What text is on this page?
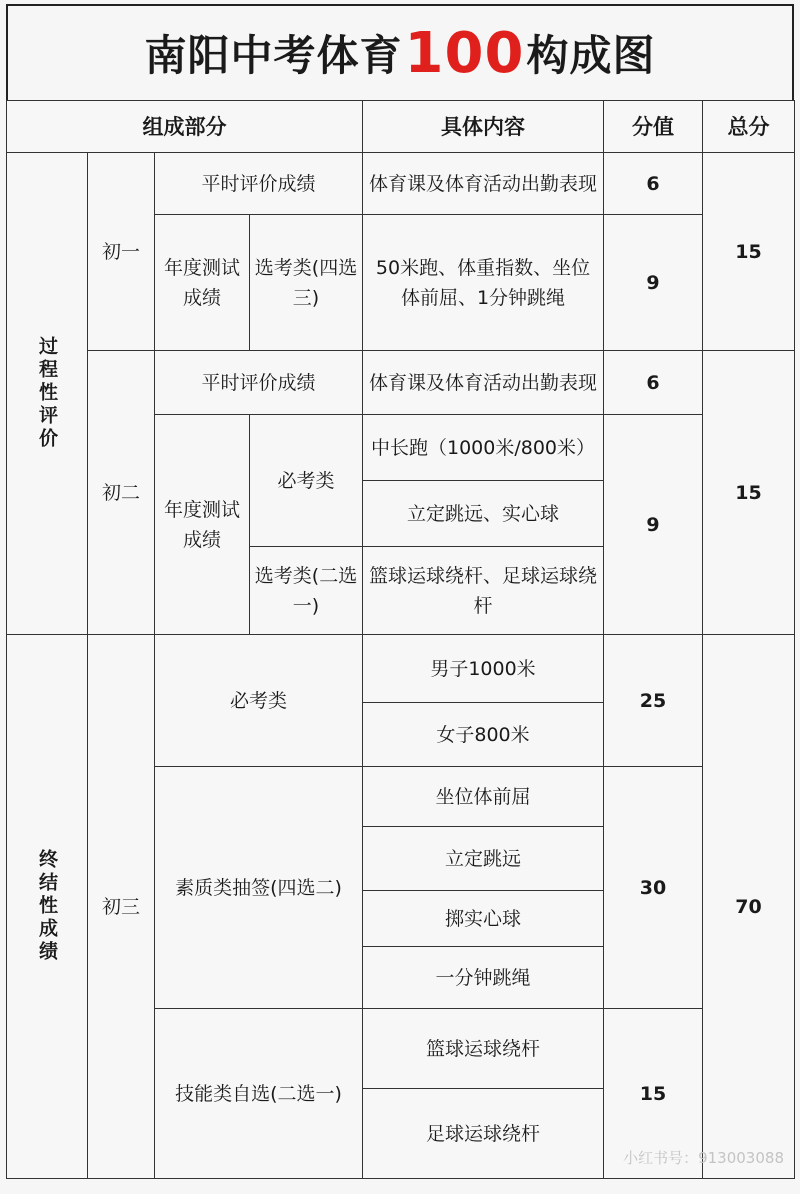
南阳中考体育 100 构成图
组成部分				具体内容	分值	总分
过程性评价	初一	平时评价成绩		体育课及体育活动出勤表现	6	15
		年度测试成绩	选考类(四选三)	50米跑、体重指数、坐位体前屈、1分钟跳绳	9	
	初二	平时评价成绩		体育课及体育活动出勤表现	6	15
		年度测试成绩	必考类	中长跑（1000米/800米）	9	
				立定跳远、实心球		
			选考类(二选一)	篮球运球绕杆、足球运球绕杆		
终结性成绩	初三	必考类		男子1000米	25	70
				女子800米		
		素质类抽签(四选二)		坐位体前屈	30	
				立定跳远		
				掷实心球		
				一分钟跳绳		
		技能类自选(二选一)		篮球运球绕杆	15	
				足球运球绕杆		
小红书号：913003088
